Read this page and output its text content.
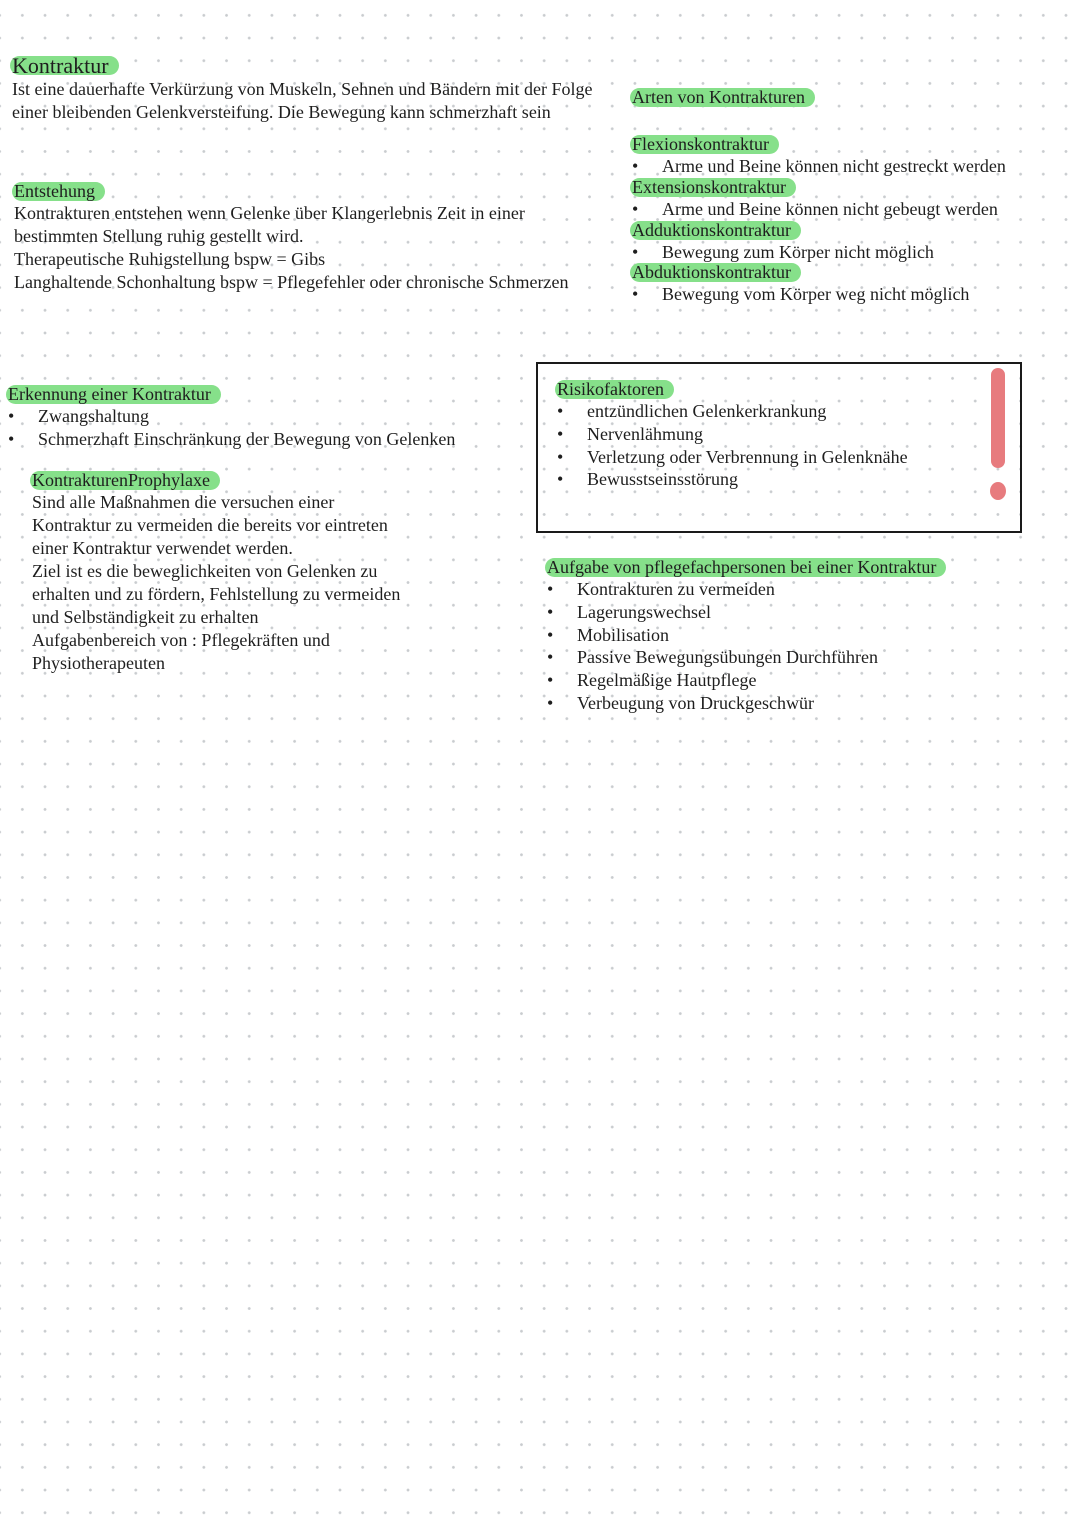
Kontraktur

Ist eine dauerhafte Verkürzung von Muskeln, Sehnen und Bändern mit der Folge einer bleibenden Gelenkversteifung. Die Bewegung kann schmerzhaft sein

Entstehung

Kontrakturen entstehen wenn Gelenke über Klangerlebnis Zeit in einer bestimmten Stellung ruhig gestellt wird.

Therapeutische Ruhigstellung bspw = Gibs

Langhaltende Schonhaltung bspw = Pflegefehler oder chronische Schmerzen

Arten von Kontrakturen
Flexionskontraktur
• Arme und Beine können nicht gestreckt werden
Extensionskontraktur
• Arme und Beine können nicht gebeugt werden
Adduktionskontraktur
• Bewegung zum Körper nicht möglich
Abduktionskontraktur
• Bewegung vom Körper weg nicht möglich
Erkennung einer Kontraktur
• Zwangshaltung
• Schmerzhaft Einschränkung der Bewegung von Gelenken
KontrakturenProphylaxe

Sind alle Maßnahmen die versuchen einer Kontraktur zu vermeiden die bereits vor eintreten einer Kontraktur verwendet werden.

Ziel ist es die beweglichkeiten von Gelenken zu erhalten und zu fördern, Fehlstellung zu vermeiden und Selbständigkeit zu erhalten

Aufgabenbereich von : Pflegekräften und Physiotherapeuten

Risikofaktoren
• entzündlichen Gelenkerkrankung
• Nervenlähmung
• Verletzung oder Verbrennung in Gelenknähe
• Bewusstseinsstörung
Aufgabe von pflegefachpersonen bei einer Kontraktur
• Kontrakturen zu vermeiden
• Lagerungswechsel
• Mobilisation
• Passive Bewegungsübungen Durchführen
• Regelmäßige Hautpflege
• Verbeugung von Druckgeschwür
